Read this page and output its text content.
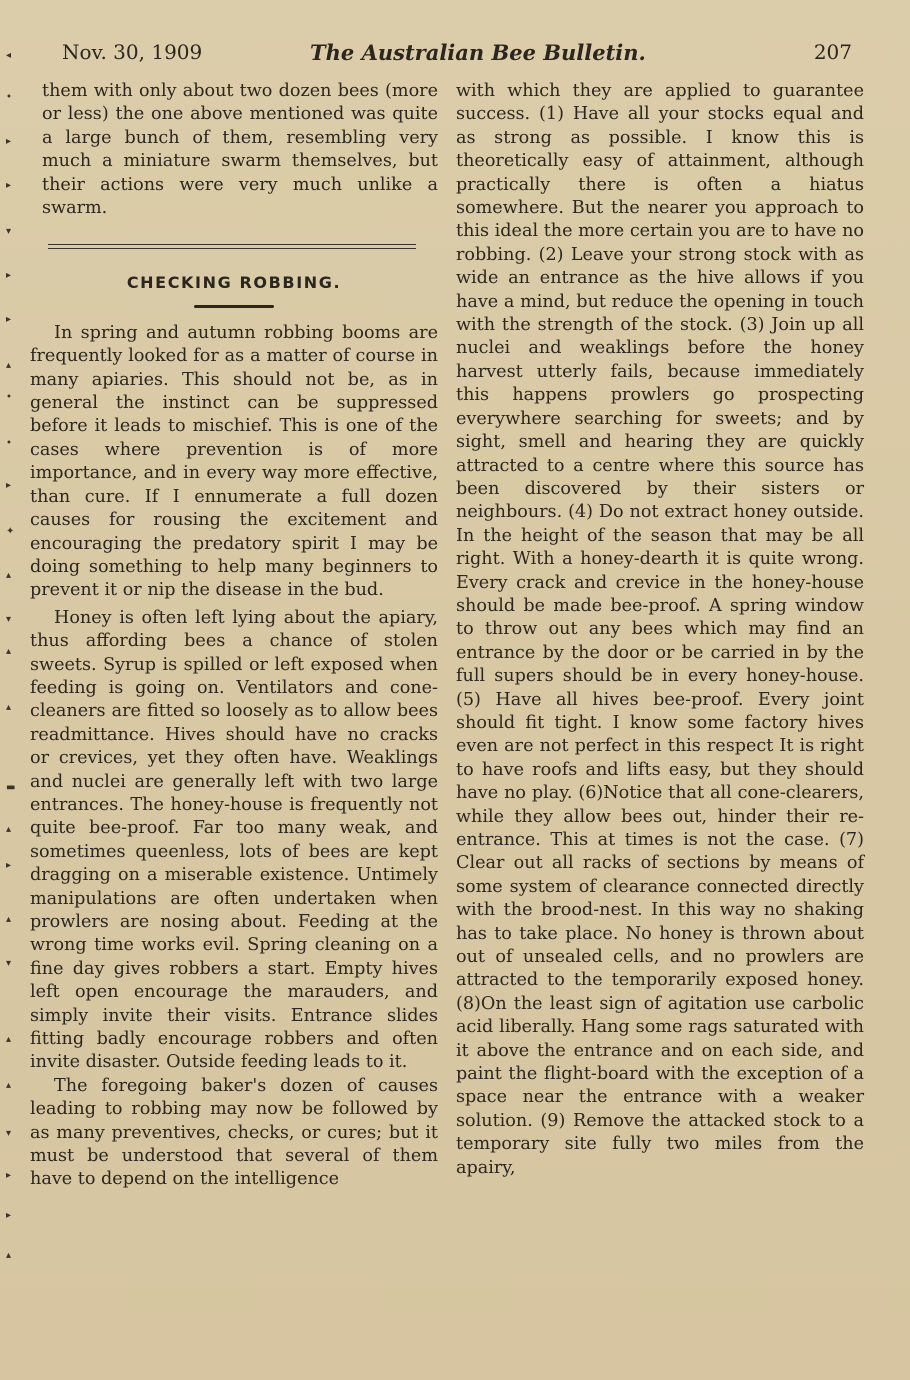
◂
•
▸
▸
▾
▸
▸
▴
•
•
▸
✦
▴
▾
▴
▴
▬
▴
▸
▴
▾
▴
▴
▾
▸
▸
▴
Nov. 30, 1909	The Australian Bee Bulletin.	207

them with only about two dozen bees (more or less) the one above mentioned was quite a large bunch of them, resembling very much a miniature swarm themselves, but their actions were very much unlike a swarm.

CHECKING ROBBING.

In spring and autumn robbing booms are frequently looked for as a matter of course in many apiaries. This should not be, as in general the instinct can be suppressed before it leads to mischief. This is one of the cases where prevention is of more importance, and in every way more effective, than cure. If I ennumerate a full dozen causes for rousing the excitement and encouraging the predatory spirit I may be doing something to help many beginners to prevent it or nip the disease in the bud.

Honey is often left lying about the apiary, thus affording bees a chance of stolen sweets. Syrup is spilled or left exposed when feeding is going on. Ventilators and cone-cleaners are fitted so loosely as to allow bees readmittance. Hives should have no cracks or crevices, yet they often have. Weaklings and nuclei are generally left with two large entrances. The honey-house is frequently not quite bee-proof. Far too many weak, and sometimes queenless, lots of bees are kept dragging on a miserable existence. Untimely manipulations are often undertaken when prowlers are nosing about. Feeding at the wrong time works evil. Spring cleaning on a fine day gives robbers a start. Empty hives left open encourage the marauders, and simply invite their visits. Entrance slides fitting badly encourage robbers and often invite disaster. Outside feeding leads to it.

The foregoing baker's dozen of causes leading to robbing may now be followed by as many preventives, checks, or cures; but it must be understood that several of them have to depend on the intelligence

with which they are applied to guarantee success. (1) Have all your stocks equal and as strong as possible. I know this is theoretically easy of attainment, although practically there is often a hiatus somewhere. But the nearer you approach to this ideal the more certain you are to have no robbing. (2) Leave your strong stock with as wide an entrance as the hive allows if you have a mind, but reduce the opening in touch with the strength of the stock. (3) Join up all nuclei and weaklings before the honey harvest utterly fails, because immediately this happens prowlers go prospecting everywhere searching for sweets; and by sight, smell and hearing they are quickly attracted to a centre where this source has been discovered by their sisters or neighbours. (4) Do not extract honey outside. In the height of the season that may be all right. With a honey-dearth it is quite wrong. Every crack and crevice in the honey-house should be made bee-proof. A spring window to throw out any bees which may find an entrance by the door or be carried in by the full supers should be in every honey-house. (5) Have all hives bee-proof. Every joint should fit tight. I know some factory hives even are not perfect in this respect It is right to have roofs and lifts easy, but they should have no play. (6)Notice that all cone-clearers, while they allow bees out, hinder their re-entrance. This at times is not the case. (7) Clear out all racks of sections by means of some system of clearance connected directly with the brood-nest. In this way no shaking has to take place. No honey is thrown about out of unsealed cells, and no prowlers are attracted to the temporarily exposed honey. (8)On the least sign of agitation use carbolic acid liberally. Hang some rags saturated with it above the entrance and on each side, and paint the flight-board with the exception of a space near the entrance with a weaker solution. (9) Remove the attacked stock to a temporary site fully two miles from the apairy,
